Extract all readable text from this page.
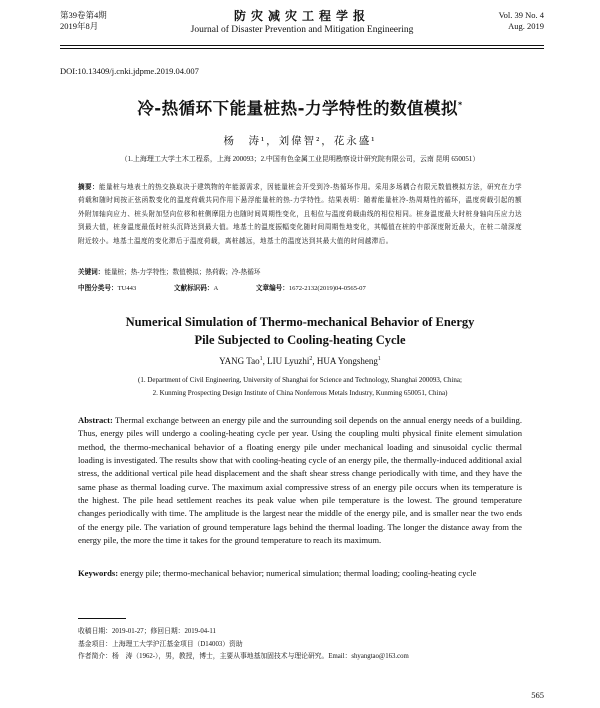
第39卷第4期
2019年8月
防灾减灾工程学报
Journal of Disaster Prevention and Mitigation Engineering
Vol. 39 No. 4
Aug. 2019
DOI:10.13409/j.cnki.jdpme.2019.04.007
冷-热循环下能量桩热-力学特性的数值模拟*
杨　涛¹，刘偉智²，花永盛¹
（1.上海理工大学土木工程系，上海 200093；2.中国有色金属工业昆明勘察设计研究院有限公司，云南 昆明 650051）
摘要：能量桩与地表土的热交换取决于建筑物的年能源需求，因能量桩会开受到冷-热循环作用。采用多场耦合有限元数值模拟方法，研究在力学荷载和随时间按正弦函数变化的温度荷载共同作用下悬浮能量桩的热-力学特性。结果表明：随着能量桩冷-热周期性的循环，温度荷载引起的额外附加轴向应力、桩头附加竖向位移和桩侧摩阻力也随时间周期性变化，且相位与温度荷载曲线的相位相同。桩身温度最大时桩身轴向压应力达到最大值，桩身温度最低时桩头沉降达到最大值。地基土的温度振幅变化随时间周期性地变化，其幅值在桩的中部深度附近最大，在桩二端深度附近较小。地基土温度的变化滞后于温度荷载，离桩越远，地基土的温度达到其最大值的时间越滞后。
关键词：能量桩；热-力学特性；数值模拟；热荷载；冷-热循环
中图分类号：TU443	文献标识码：A	文章编号：1672-2132(2019)04-0565-07
Numerical Simulation of Thermo-mechanical Behavior of Energy
Pile Subjected to Cooling-heating Cycle
YANG Tao$^1$, LIU Lyuzhi$^2$, HUA Yongsheng$^1$
(1. Department of Civil Engineering, University of Shanghai for Science and Technology, Shanghai 200093, China;
2. Kunming Prospecting Design Institute of China Nonferrous Metals Industry, Kunming 650051, China)
Abstract: Thermal exchange between an energy pile and the surrounding soil depends on the annual energy needs of a building. Thus, energy piles will undergo a cooling-heating cycle per year. Using the coupling multi physical finite element simulation method, the thermo-mechanical behavior of a floating energy pile under mechanical loading and sinusoidal cyclic thermal loading is investigated. The results show that with cooling-heating cycle of an energy pile, the thermally-induced additional axial stress, the additional vertical pile head displacement and the shaft shear stress change periodically with time, and they have the same phase as thermal loading curve. The maximum axial compressive stress of an energy pile occurs when its temperature is the highest. The pile head settlement reaches its peak value when pile temperature is the lowest. The ground temperature changes periodically with time. The amplitude is the largest near the middle of the energy pile, and is smaller near the two ends of the energy pile. The variation of ground temperature lags behind the thermal loading. The longer the distance away from the energy pile, the more the time it takes for the ground temperature to reach its maximum.
Keywords: energy pile; thermo-mechanical behavior; numerical simulation; thermal loading; cooling-heating cycle
收稿日期：2019-01-27；修回日期：2019-04-11
基金项目：上海理工大学沪江基金项目（D14003）资助
作者简介：杨　涛（1962-），男，教授，博士，主要从事地基加固技术与理论研究。Email：shyangtao@163.com
565
